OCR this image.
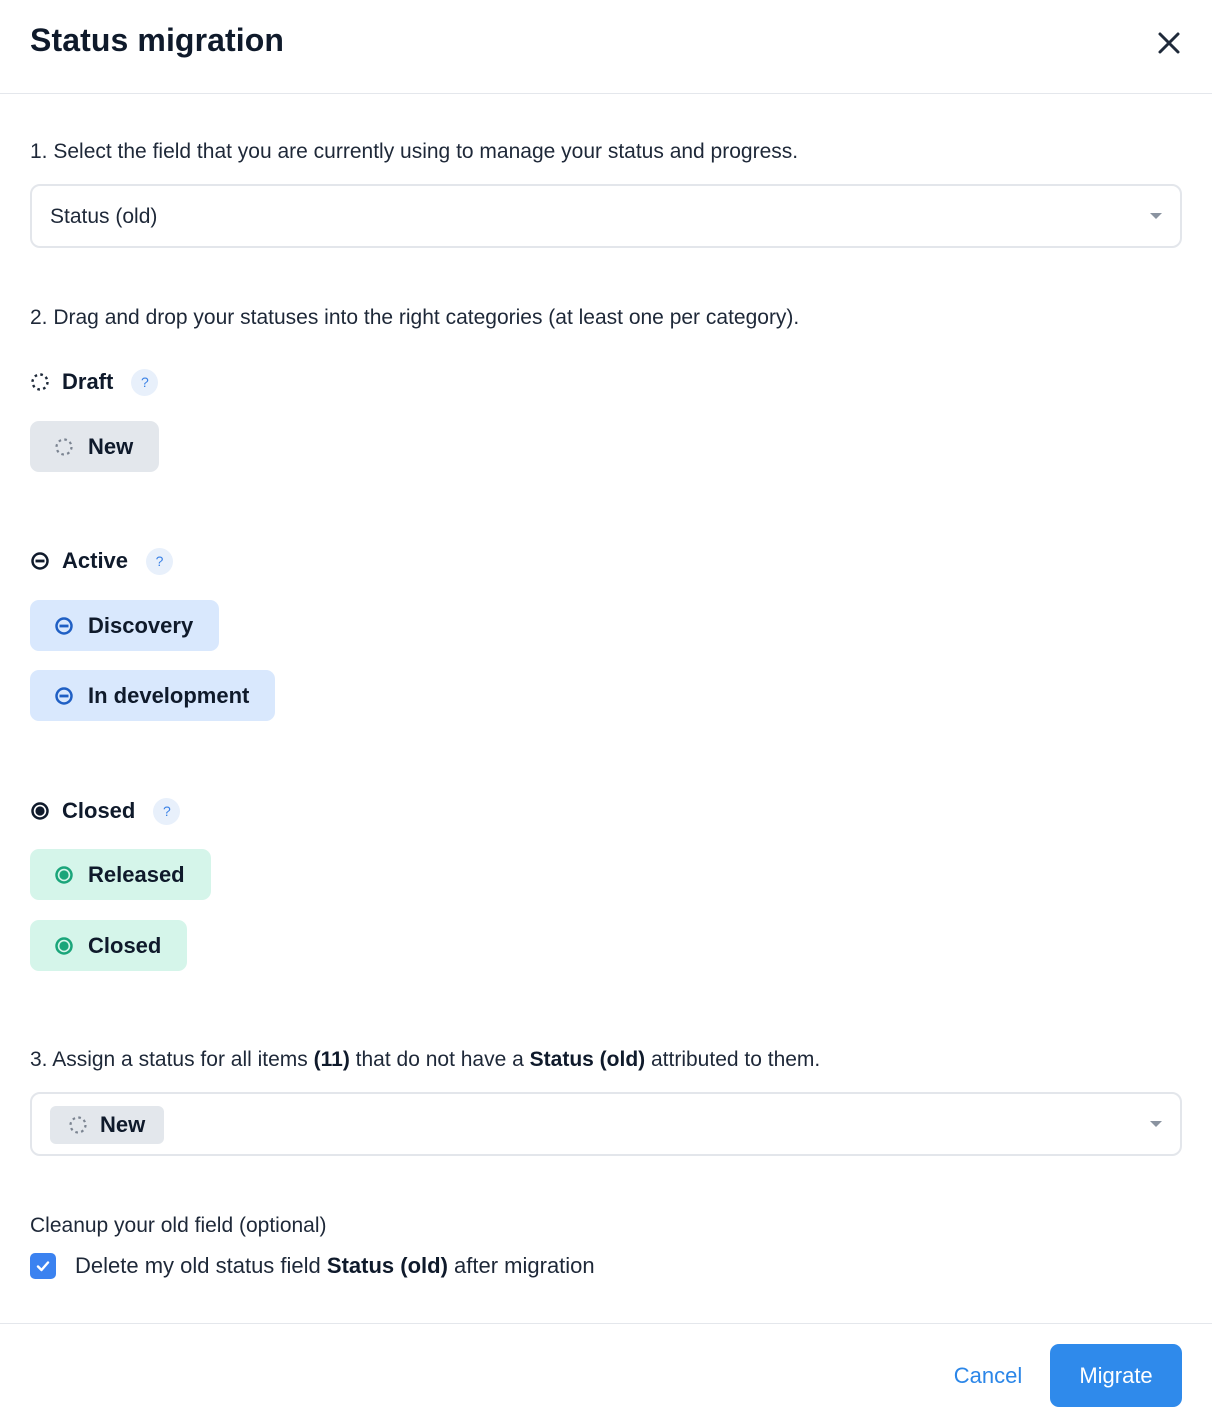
Status migration
1. Select the field that you are currently using to manage your status and progress.
Status (old)
2. Drag and drop your statuses into the right categories (at least one per category).
Draft	?
New
Active	?
Discovery
In development
Closed	?
Released
Closed
3. Assign a status for all items (11) that do not have a Status (old) attributed to them.
New
Cleanup your old field (optional)
Delete my old status field Status (old) after migration
Cancel	Migrate
